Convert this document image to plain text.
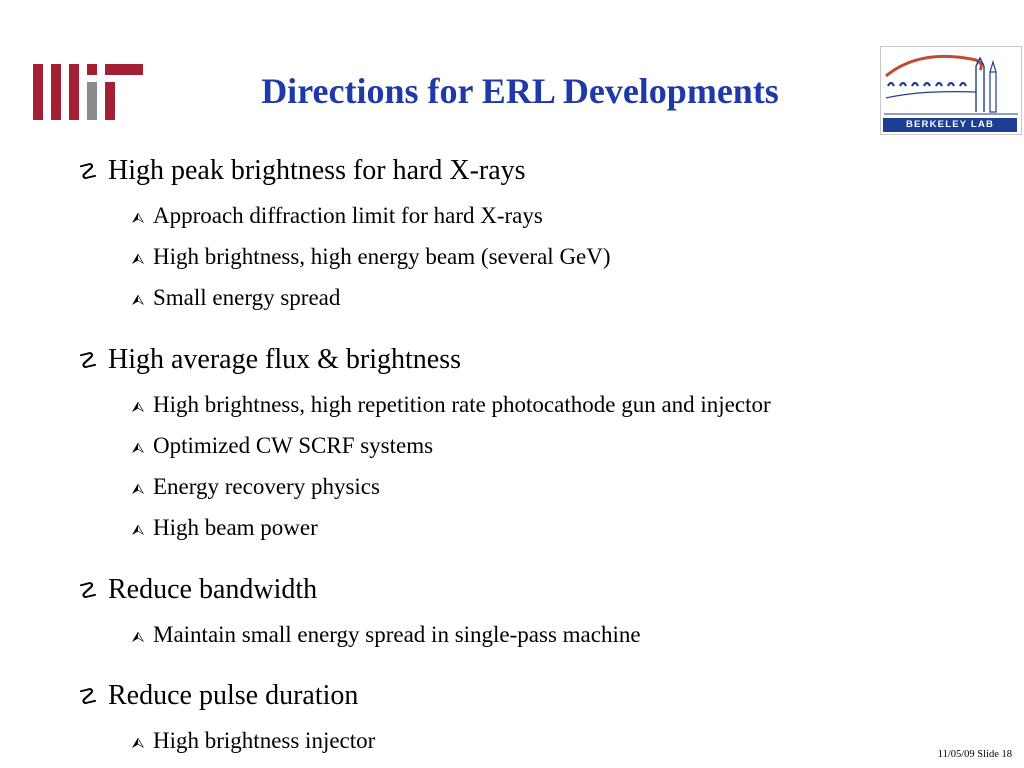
BERKELEY LAB
Directions for ERL Developments
☡ High peak brightness for hard X-rays
⮙ Approach diffraction limit for hard X-rays
⮙ High brightness, high energy beam (several GeV)
⮙ Small energy spread
☡ High average flux & brightness
⮙ High brightness, high repetition rate photocathode gun and injector
⮙ Optimized CW SCRF systems
⮙ Energy recovery physics
⮙ High beam power
☡ Reduce bandwidth
⮙ Maintain small energy spread in single-pass machine
☡ Reduce pulse duration
⮙ High brightness injector
11/05/09 Slide 18
